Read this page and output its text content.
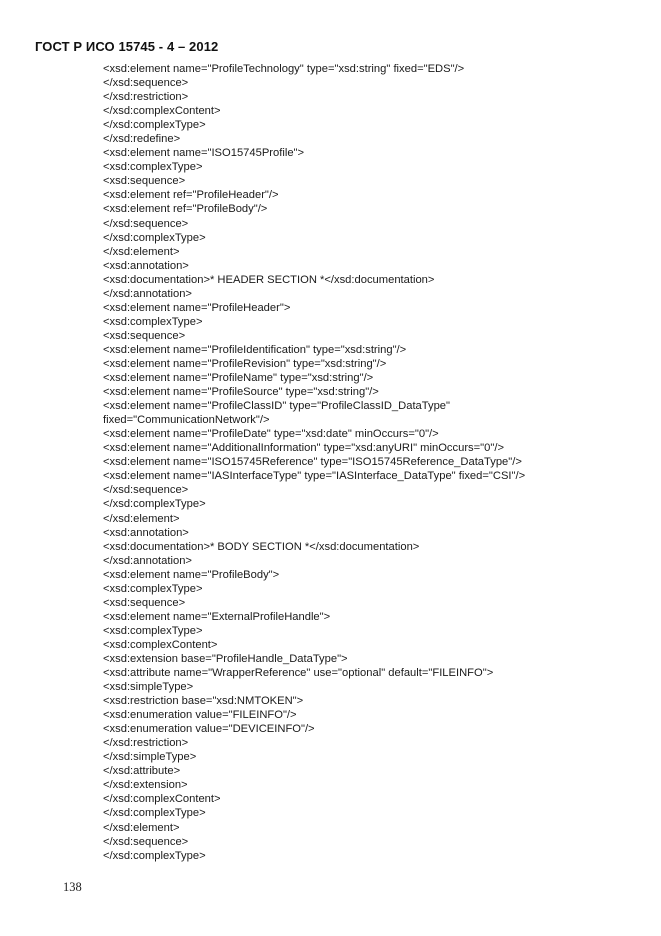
ГОСТ Р ИСО 15745 - 4 – 2012
<xsd:element name="ProfileTechnology" type="xsd:string" fixed="EDS"/>
</xsd:sequence>
</xsd:restriction>
</xsd:complexContent>
</xsd:complexType>
</xsd:redefine>
<xsd:element name="ISO15745Profile">
<xsd:complexType>
<xsd:sequence>
<xsd:element ref="ProfileHeader"/>
<xsd:element ref="ProfileBody"/>
</xsd:sequence>
</xsd:complexType>
</xsd:element>
<xsd:annotation>
<xsd:documentation>* HEADER SECTION *</xsd:documentation>
</xsd:annotation>
<xsd:element name="ProfileHeader">
<xsd:complexType>
<xsd:sequence>
<xsd:element name="ProfileIdentification" type="xsd:string"/>
<xsd:element name="ProfileRevision" type="xsd:string"/>
<xsd:element name="ProfileName" type="xsd:string"/>
<xsd:element name="ProfileSource" type="xsd:string"/>
<xsd:element name="ProfileClassID" type="ProfileClassID_DataType"
fixed="CommunicationNetwork"/>
<xsd:element name="ProfileDate" type="xsd:date" minOccurs="0"/>
<xsd:element name="AdditionalInformation" type="xsd:anyURI" minOccurs="0"/>
<xsd:element name="ISO15745Reference" type="ISO15745Reference_DataType"/>
<xsd:element name="IASInterfaceType" type="IASInterface_DataType" fixed="CSI"/>
</xsd:sequence>
</xsd:complexType>
</xsd:element>
<xsd:annotation>
<xsd:documentation>* BODY SECTION *</xsd:documentation>
</xsd:annotation>
<xsd:element name="ProfileBody">
<xsd:complexType>
<xsd:sequence>
<xsd:element name="ExternalProfileHandle">
<xsd:complexType>
<xsd:complexContent>
<xsd:extension base="ProfileHandle_DataType">
<xsd:attribute name="WrapperReference" use="optional" default="FILEINFO">
<xsd:simpleType>
<xsd:restriction base="xsd:NMTOKEN">
<xsd:enumeration value="FILEINFO"/>
<xsd:enumeration value="DEVICEINFO"/>
</xsd:restriction>
</xsd:simpleType>
</xsd:attribute>
</xsd:extension>
</xsd:complexContent>
</xsd:complexType>
</xsd:element>
</xsd:sequence>
</xsd:complexType>
138
